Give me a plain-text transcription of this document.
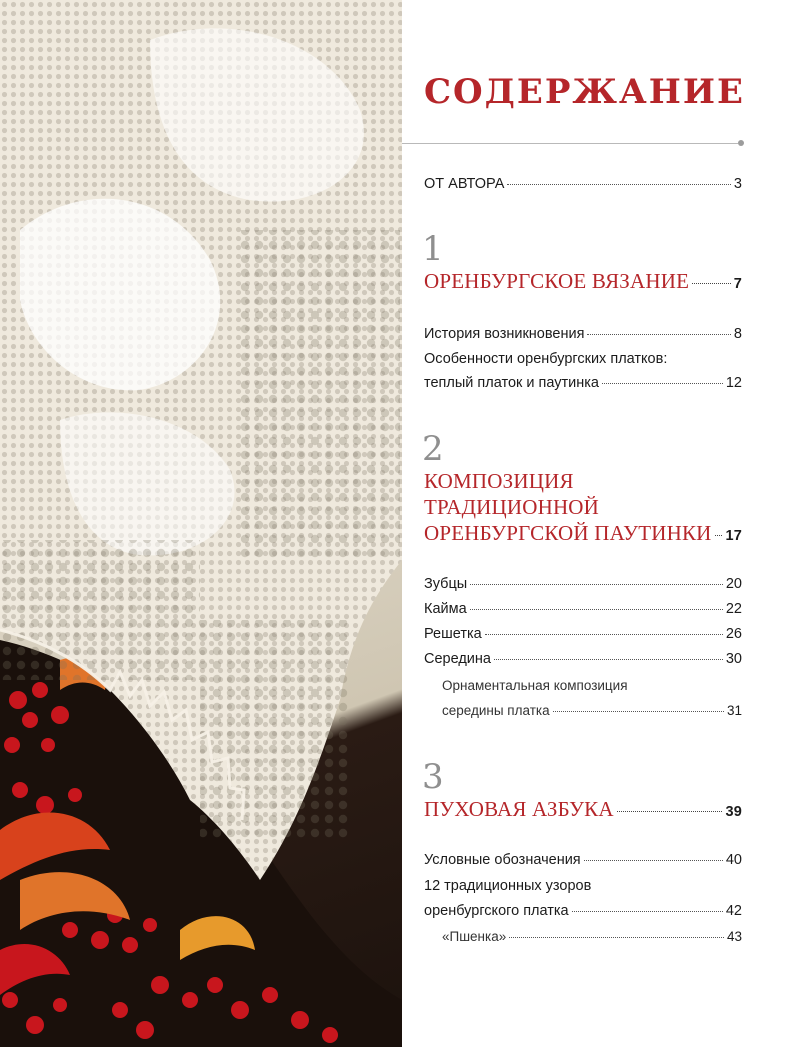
СОДЕРЖАНИЕ
ОТ АВТОРА	3
1
ОРЕНБУРГСКОЕ ВЯЗАНИЕ	7
История возникновения	8
Особенности оренбургских платков:
теплый платок и паутинка	12
2
КОМПОЗИЦИЯ
ТРАДИЦИОННОЙ
ОРЕНБУРГСКОЙ ПАУТИНКИ 17
Зубцы	20
Кайма	22
Решетка	26
Середина	30
Орнаментальная композиция
середины платка	31
3
ПУХОВАЯ АЗБУКА	39
Условные обозначения	40
12 традиционных узоров
оренбургского платка	42
«Пшенка»	43
